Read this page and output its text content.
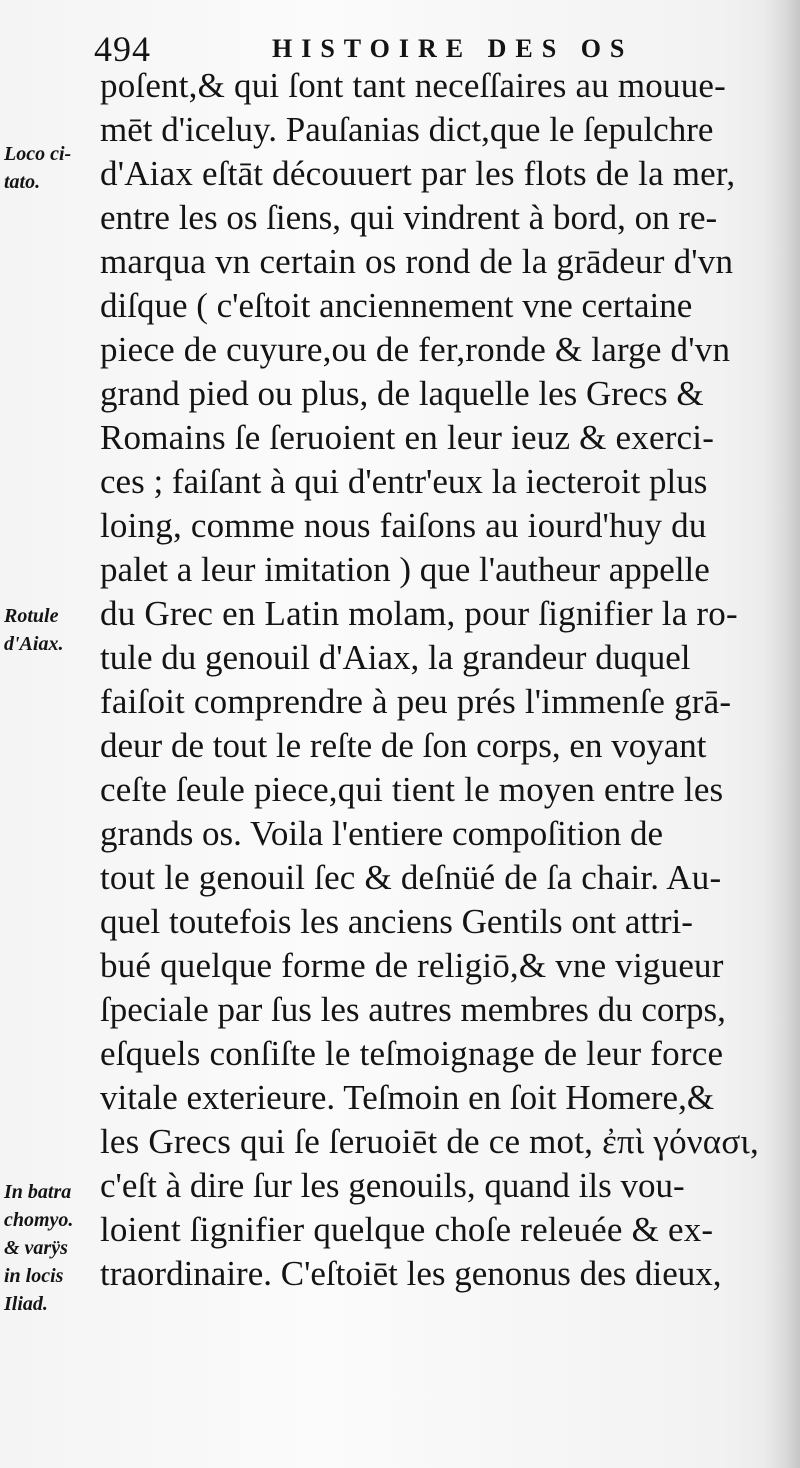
494	HISTOIRE DES OS
Loco ci-
tato.
Rotule
d'Aiax.
In batra
chomyo.
& varÿs
in locis
Iliad.
poſent,& qui ſont tant neceſſaires au mouue-
mēt d'iceluy. Pauſanias dict,que le ſepulchre
d'Aiax eſtāt découuert par les flots de la mer,
entre les os ſiens, qui vindrent à bord, on re-
marqua vn certain os rond de la grādeur d'vn
diſque ( c'eſtoit anciennement vne certaine
piece de cuyure,ou de fer,ronde & large d'vn
grand pied ou plus, de laquelle les Grecs &
Romains ſe ſeruoient en leur ieuz & exerci-
ces ; faiſant à qui d'entr'eux la iecteroit plus
loing, comme nous faiſons au iourd'huy du
palet a leur imitation ) que l'autheur appelle
du Grec en Latin molam, pour ſignifier la ro-
tule du genouil d'Aiax, la grandeur duquel
faiſoit comprendre à peu prés l'immenſe grā-
deur de tout le reſte de ſon corps, en voyant
ceſte ſeule piece,qui tient le moyen entre les
grands os. Voila l'entiere compoſition de
tout le genouil ſec & deſnüé de ſa chair. Au-
quel toutefois les anciens Gentils ont attri-
bué quelque forme de religiō,& vne vigueur
ſpeciale par ſus les autres membres du corps,
eſquels conſiſte le teſmoignage de leur force
vitale exterieure. Teſmoin en ſoit Homere,&
les Grecs qui ſe ſeruoiēt de ce mot, ἐπὶ γόνασι,
c'eſt à dire ſur les genouils, quand ils vou-
loient ſignifier quelque choſe releuée & ex-
traordinaire. C'eſtoiēt les genonus des dieux,
